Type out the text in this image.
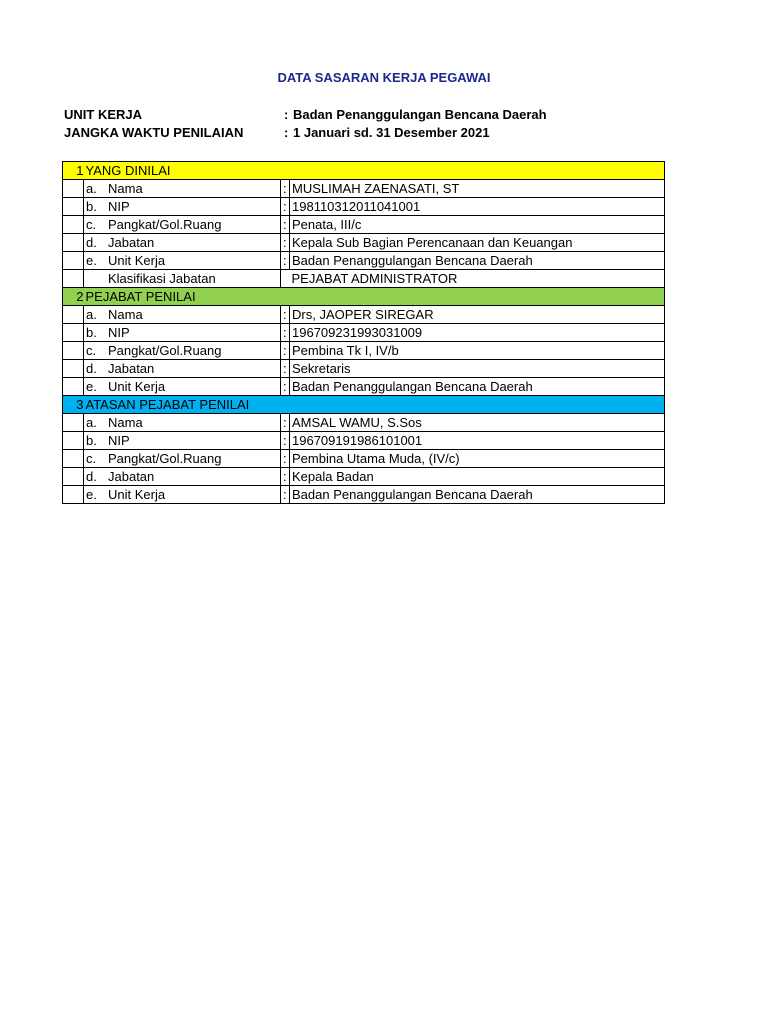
DATA SASARAN KERJA PEGAWAI
UNIT KERJA	: Badan Penanggulangan Bencana Daerah
JANGKA WAKTU PENILAIAN	: 1 Januari sd. 31 Desember 2021
1	YANG DINILAI		
	a. Nama	:	MUSLIMAH ZAENASATI, ST
	b. NIP	:	198110312011041001
	c. Pangkat/Gol.Ruang	:	Penata, III/c
	d. Jabatan	:	Kepala Sub Bagian Perencanaan dan Keuangan
	e. Unit Kerja	:	Badan Penanggulangan Bencana Daerah
	Klasifikasi Jabatan		PEJABAT ADMINISTRATOR
2	PEJABAT PENILAI		
	a. Nama	:	Drs, JAOPER SIREGAR
	b. NIP	:	196709231993031009
	c. Pangkat/Gol.Ruang	:	Pembina Tk I, IV/b
	d. Jabatan	:	Sekretaris
	e. Unit Kerja	:	Badan Penanggulangan Bencana Daerah
3	ATASAN PEJABAT PENILAI		
	a. Nama	:	AMSAL WAMU, S.Sos
	b. NIP	:	196709191986101001
	c. Pangkat/Gol.Ruang	:	Pembina Utama Muda, (IV/c)
	d. Jabatan	:	Kepala Badan
	e. Unit Kerja	:	Badan Penanggulangan Bencana Daerah
